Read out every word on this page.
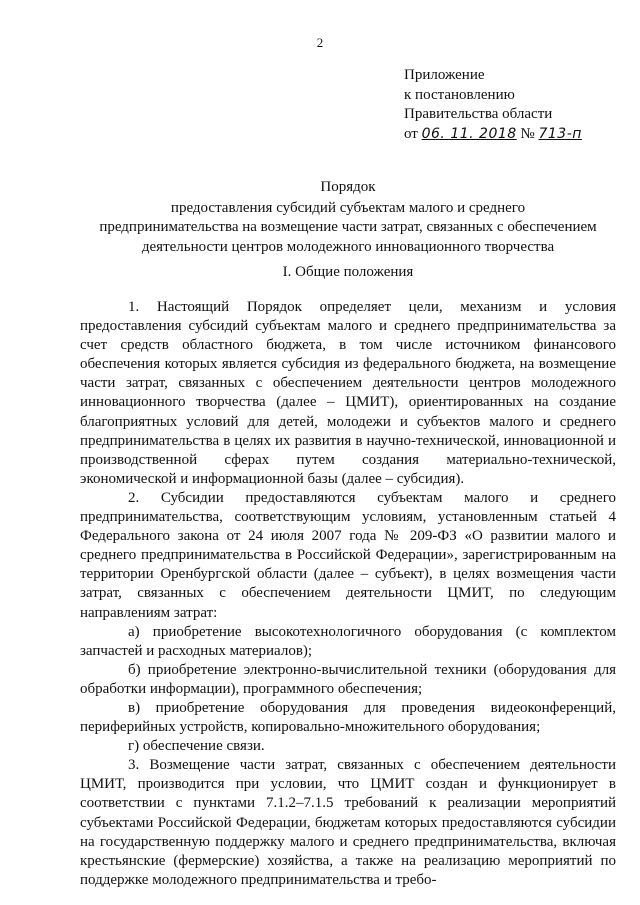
2
Приложение
к постановлению
Правительства области
от 06. 11. 2018 № 713-п
Порядок
предоставления субсидий субъектам малого и среднего
предпринимательства на возмещение части затрат, связанных с обеспечением
деятельности центров молодежного инновационного творчества
I. Общие положения

1. Настоящий Порядок определяет цели, механизм и условия предоставления субсидий субъектам малого и среднего предпринимательства за счет средств областного бюджета, в том числе источником финансового обеспечения которых является субсидия из федерального бюджета, на возмещение части затрат, связанных с обеспечением деятельности центров молодежного инновационного творчества (далее – ЦМИТ), ориентированных на создание благоприятных условий для детей, молодежи и субъектов малого и среднего предпринимательства в целях их развития в научно-технической, инновационной и производственной сферах путем создания материально-технической, экономической и информационной базы (далее – субсидия).

2. Субсидии предоставляются субъектам малого и среднего предпринимательства, соответствующим условиям, установленным статьей 4 Федерального закона от 24 июля 2007 года № 209-ФЗ «О развитии малого и среднего предпринимательства в Российской Федерации», зарегистрированным на территории Оренбургской области (далее – субъект), в целях возмещения части затрат, связанных с обеспечением деятельности ЦМИТ, по следующим направлениям затрат:

а) приобретение высокотехнологичного оборудования (с комплектом запчастей и расходных материалов);

б) приобретение электронно-вычислительной техники (оборудования для обработки информации), программного обеспечения;

в) приобретение оборудования для проведения видеоконференций, периферийных устройств, копировально-множительного оборудования;

г) обеспечение связи.

3. Возмещение части затрат, связанных с обеспечением деятельности ЦМИТ, производится при условии, что ЦМИТ создан и функционирует в соответствии с пунктами 7.1.2–7.1.5 требований к реализации мероприятий субъектами Российской Федерации, бюджетам которых предоставляются субсидии на государственную поддержку малого и среднего предпринимательства, включая крестьянские (фермерские) хозяйства, а также на реализацию мероприятий по поддержке молодежного предпринимательства и требо-
